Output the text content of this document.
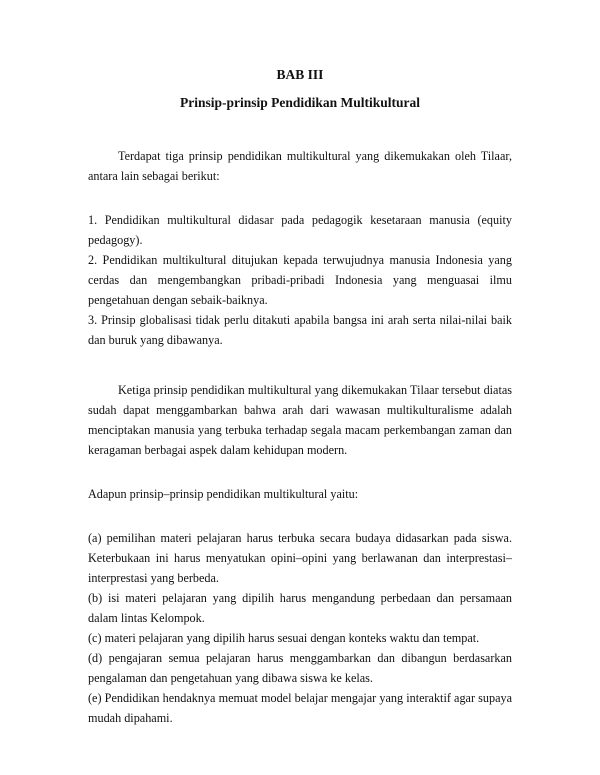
BAB III
Prinsip-prinsip Pendidikan Multikultural

Terdapat tiga prinsip pendidikan multikultural yang dikemukakan oleh Tilaar, antara lain sebagai berikut:

1. Pendidikan multikultural didasar pada pedagogik kesetaraan manusia (equity pedagogy).

2. Pendidikan multikultural ditujukan kepada terwujudnya manusia Indonesia yang cerdas dan mengembangkan pribadi-pribadi Indonesia yang menguasai ilmu pengetahuan dengan sebaik-baiknya.

3. Prinsip globalisasi tidak perlu ditakuti apabila bangsa ini arah serta nilai-nilai baik dan buruk yang dibawanya.

Ketiga prinsip pendidikan multikultural yang dikemukakan Tilaar tersebut diatas sudah dapat menggambarkan bahwa arah dari wawasan multikulturalisme adalah menciptakan manusia yang terbuka terhadap segala macam perkembangan zaman dan keragaman berbagai aspek dalam kehidupan modern.

Adapun prinsip–prinsip pendidikan multikultural yaitu:

(a) pemilihan materi pelajaran harus terbuka secara budaya didasarkan pada siswa. Keterbukaan ini harus menyatukan opini–opini yang berlawanan dan interprestasi–interprestasi yang berbeda.

(b) isi materi pelajaran yang dipilih harus mengandung perbedaan dan persamaan dalam lintas Kelompok.

(c) materi pelajaran yang dipilih harus sesuai dengan konteks waktu dan tempat.

(d) pengajaran semua pelajaran harus menggambarkan dan dibangun berdasarkan pengalaman dan pengetahuan yang dibawa siswa ke kelas.

(e) Pendidikan hendaknya memuat model belajar mengajar yang interaktif agar supaya mudah dipahami.
